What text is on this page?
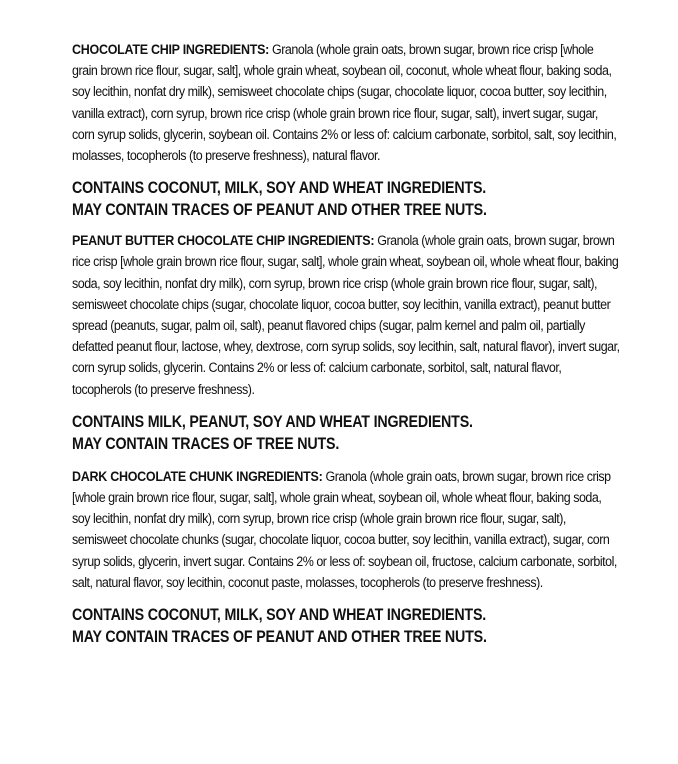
CHOCOLATE CHIP INGREDIENTS: Granola (whole grain oats, brown sugar, brown rice crisp [whole grain brown rice flour, sugar, salt], whole grain wheat, soybean oil, coconut, whole wheat flour, baking soda, soy lecithin, nonfat dry milk), semisweet chocolate chips (sugar, chocolate liquor, cocoa butter, soy lecithin, vanilla extract), corn syrup, brown rice crisp (whole grain brown rice flour, sugar, salt), invert sugar, sugar, corn syrup solids, glycerin, soybean oil. Contains 2% or less of: calcium carbonate, sorbitol, salt, soy lecithin, molasses, tocopherols (to preserve freshness), natural flavor.

CONTAINS COCONUT, MILK, SOY AND WHEAT INGREDIENTS.
MAY CONTAIN TRACES OF PEANUT AND OTHER TREE NUTS.

PEANUT BUTTER CHOCOLATE CHIP INGREDIENTS: Granola (whole grain oats, brown sugar, brown rice crisp [whole grain brown rice flour, sugar, salt], whole grain wheat, soybean oil, whole wheat flour, baking soda, soy lecithin, nonfat dry milk), corn syrup, brown rice crisp (whole grain brown rice flour, sugar, salt), semisweet chocolate chips (sugar, chocolate liquor, cocoa butter, soy lecithin, vanilla extract), peanut butter spread (peanuts, sugar, palm oil, salt), peanut flavored chips (sugar, palm kernel and palm oil, partially defatted peanut flour, lactose, whey, dextrose, corn syrup solids, soy lecithin, salt, natural flavor), invert sugar, corn syrup solids, glycerin. Contains 2% or less of: calcium carbonate, sorbitol, salt, natural flavor, tocopherols (to preserve freshness).

CONTAINS MILK, PEANUT, SOY AND WHEAT INGREDIENTS.
MAY CONTAIN TRACES OF TREE NUTS.

DARK CHOCOLATE CHUNK INGREDIENTS: Granola (whole grain oats, brown sugar, brown rice crisp [whole grain brown rice flour, sugar, salt], whole grain wheat, soybean oil, whole wheat flour, baking soda, soy lecithin, nonfat dry milk), corn syrup, brown rice crisp (whole grain brown rice flour, sugar, salt), semisweet chocolate chunks (sugar, chocolate liquor, cocoa butter, soy lecithin, vanilla extract), sugar, corn syrup solids, glycerin, invert sugar. Contains 2% or less of: soybean oil, fructose, calcium carbonate, sorbitol, salt, natural flavor, soy lecithin, coconut paste, molasses, tocopherols (to preserve freshness).

CONTAINS COCONUT, MILK, SOY AND WHEAT INGREDIENTS.
MAY CONTAIN TRACES OF PEANUT AND OTHER TREE NUTS.
